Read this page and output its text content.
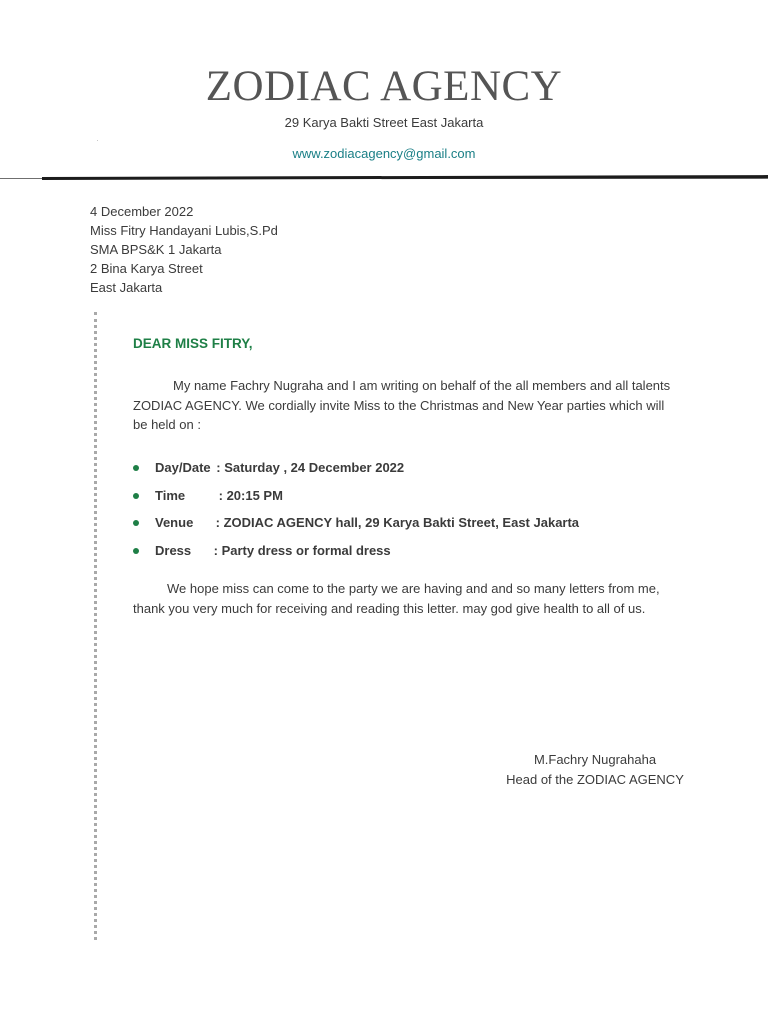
ZODIAC AGENCY
29 Karya Bakti Street East Jakarta
www.zodiacagency@gmail.com
4 December 2022
Miss Fitry Handayani Lubis,S.Pd
SMA BPS&K 1 Jakarta
2 Bina Karya Street
East Jakarta
DEAR MISS FITRY,
My name Fachry Nugraha and I am writing on behalf of the all members and all talents ZODIAC AGENCY. We cordially invite Miss to the Christmas and New Year parties which will be held on :
Day/Date : Saturday , 24 December 2022
Time	: 20:15 PM
Venue : ZODIAC AGENCY hall, 29 Karya Bakti Street, East Jakarta
Dress : Party dress or formal dress
We hope miss can come to the party we are having and and so many letters from me, thank you very much for receiving and reading this letter. may god give health to all of us.
M.Fachry Nugrahaha
Head of the ZODIAC AGENCY
